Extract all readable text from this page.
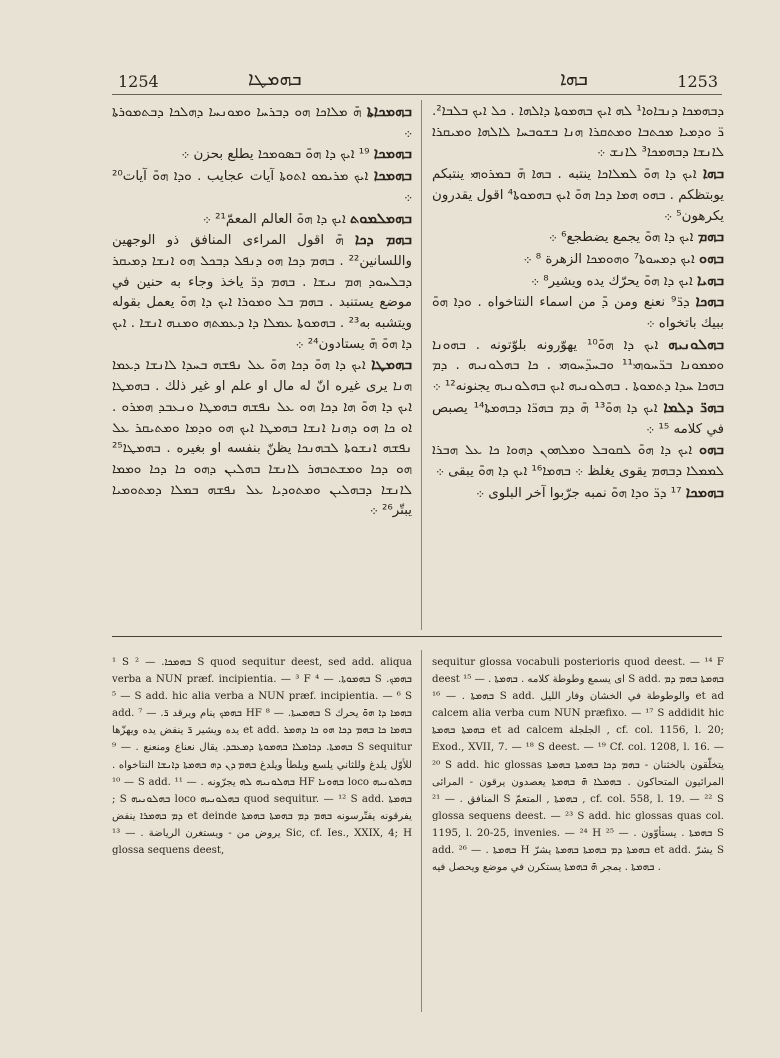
1254	ܒܗܡܛܐ	ܒܗܐ	1253

ܒܗܡܟܐܬܐ ܗ̄ ܡܠܐܟܐ ܗܘ ܕܒܪܚܐ ܘܡܘܢܚܐ ܕܗܠܟܐ ܕܒܬܡܘܪܬܐ ܀

ܒܗܡܟܐ ¹⁹ ܐܝܟ ܕܐ ܗܘ̄ ܒܣܘܡܟܐ يطلع بحزن ܀

ܒܗܡܟܐ ܐܝܟ ܡܪܝܡܘ ܐܬܘܬܐ آيات عجايب . ܘܕܐ ܗܘ̄ آيات²⁰ ܀

ܒܗܡܠܡܘܬ ܐܝܟ ܕܐ ܗܘ̄ العالم المعمّ²¹ ܀

ܒܗܡ ܕܟܐ ܗ̄ اقول المراءى المنافق ذو الوجهين واللسانين²² . ܒܗܡ ܕܟܐ ܗܘ ܕܢܦܠ ܕܒܟܠ ܗܘ ܐܢܫܐ ܕܡܝܩܪ ܕܒܠܚܘܕ ܗܡ ܢܝܫܐ . ܒܗܡ ܕܪ̈ ياخذ وجاء به حنين في موضع يستنبد . ܒܗܡ ܒܠ ܘܡܘܪܐ ܐܝܟ ܕܐ ܗܘ̄ يعمل بقوله ويتشبه به²³ . ܒܗܡܘܬܐ ܥܡܠܐ ܕܐ ܕܥܡܬܗ ܘܡܢܗ ܐܢܫܐ . ܐܝܟ ܕܐ ܗܘ̄ ܗ̄ يستادون²⁴ ܀

ܒܗܡܛܐ ܐܝܟ ܕܐ ܗܘ̄ ܕܟܐ ܗܘ̄ ܥܠ ܢܦܫܗ ܒܚܕܐ ܠܐܢܫܐ ܕܥܡܐ ܗܢܐ يرى غيره انّ له مال او علم او غير ذلك . ܒܗܡܛܐ ܐܝܟ ܕܐ ܗܘ̄ ܗܐ ܕܟܐ ܗܘ ܥܠ ܢܦܫܗ ܒܗܡܛܐ ܘܢܥܒܕ ܗܡܪܘ . ܐܘ ܟܐ ܗܘ ܕܗܢܐ ܐܢܫܐ ܒܗܡܛܐ ܐܝܟ ܗܘ ܘܕܡܐ ܘܡܬܝܩܪ ܥܠ ܢܦܫܗ ܐܢܫܘܬܐ ܠܒܗܢܟܐ يظنّ بنفسه او بغيره . ܒܗܡܛܐ²⁵ ܗܘ ܕܟܐ ܘܡܫܬܒܗܪ ܠܐܢܫܐ ܒܗܠܝܢ ܕܗܘ ܟܐ ܕܟܐ ܘܡܡܐ ܠܐܢܫܐ ܕܒܗܠܝܢ ܘܡܬܘܕܝܐ ܥܠ ܢܦܫܗ ܒܡܠܐ ܕܡܬܘܡܝܐ يبتّر²⁶ ܀

ܕܒܗܡܟܐ ܕܢܒܐܘܐ¹ ܠܗ ܐܝܟ ܒܗܡܘܬܐ ܕܐܠܗܐ . ܟܠ ܐܝܟ ܒܠܒܐ². ܪ̈ ܘܕܡܝܐ ܡܟܬܒܐ ܘܡܬܩܪܐ ܗܢܐ ܒܫܘܒܚܐ ܠܐܠܗܐ ܘܡܝܩܪܐ ܠܐܢܫܐ ܕܒܗܡܟܐ³ ܠܐܢܫ ܀

ܒܗܐ ܐܝܟ ܕܐ ܗܘ̄ ܠܡܠܐܟܐ ينتبه . ܒܗܐ ܗ̄ ܒܡܪܘܗܝ ينتبكم يوبتظكم . ܒܗܘ ܗܡܐ ܕܟܐ ܗܘ̄ ܐܝܟ ܒܗܡܘܬܐ⁴ اقول يقدرون يكرهون⁵ ܀

ܒܗܡ ܐܝܟ ܕܐ ܗܘ̄ يجمع يضطجع⁶ ܀

ܒܗܘ ܐܝܟ ܕܡܚܘܬܐ⁷ ܘܗܘܡܟܐ الزهرة ⁸ ܀

ܒܗܝܐ ܐܝܟ ܕܐ ܗܘ̄ يحرّك يده ويشير⁸ ܀

ܒܗܟܐ ܕܪ̈⁹ نعنع ومن ܕ̄ من اسماء النتاخواه . ܘܕܐ ܗܘ̄ ببيك باتخواه ܀

ܒܗܠܘܢܝܗ ܐܝܟ ܕܐ ܗܘ̄¹⁰ يهوّرونه بلوّتونه . ܒܗܘܢܐ ܘܡܡܘܢܐ ܒܪ̈ܚܘܗܝ¹¹ ܘܒܚܕ̈ܚܘܗܝ . ܟܐ ܒܗܠܘܢܝܗ . ܕܡ ܒܗܟܐ ܚܕܐ ܕܬܡܘܬܐ . ܒܗܠܘܢܝܗ ܐܝܟ ܒܗܠܘܢܝܗ يجنونه¹² ܀

ܒܗܪ̈ ܕܠܡܐ ܐܝܟ ܕܐ ܗܘ̄¹³ ܗ̄ ܕܡ ܒܗܪ̈ܐ ܕܒܗܡܬܐ¹⁴ يصبص في كلامه ¹⁵ ܀

ܒܗܘ ܐܝܟ ܕܐ ܗܘ̄ ܠܩܘܒܠ ܘܡܠܗܘܢ ܕܗܘܐ ܟܐ ܥܠ ܗܒܪܐ ܠܡܡܠܐ ܕܒܗܡ يقوى يغلظ ܀ ܒܗܡܐ¹⁶ ܐܝܟ ܕܐ ܗܘ̄ يبقى ܀

ܒܗܡܟܐ ¹⁷ ܕܪ̈ ܘܕܐ ܗܘ̄ نمبه جرّبوا آخر البلوى ܀

¹ S ܒܗܡܟܐ. — ² S quod sequitur deest, sed add. aliqua verba a NUN præf. incipientia. — ³ F ܒܗܡܘܬܐ. — ⁴ S ܒܗܡܟ. — ⁵ S add. hic alia verba a NUN præf. incipientia. — ⁶ S add. ܒܗܡܟ ينام ويرقد ܪ̈. — ⁷ HF ܒܗܡܚܬܐ. — ⁸ S ܒܗܡܐ ܕܐ ܗܘ̄ يحرك يده ويشير ܪ̈ ينفض يده ويهزّها et add. ܒܗܡܐ ܟܐ ܒܗܡ ܕܟܐ ܗܘ ܟܐ ܕܗܡܪ ܒܗܡܬܐ. ܕܟܐܡܠܐ ܒܗܡܘܬܐ ܕܡܥܒܕ. يقال نعناع ومنعنع . — ⁹ S sequitur للأوّل يلدغ وللثاني يلسع ويلطأ ويلدغ ܒܗܡ ܕܢ ܕܗ ܒܗܡܬܐ ܕܐܢܫܐ النتاخواه . — ¹⁰ S add. ܒܗܠܘܢܝܗ ܠܗ يجرّونه . — ¹¹ HF ܒܗܘܢܐ loco ܒܗܠܘܢܝܗ ; S ܒܗܠܘܢܝܗ loco ܒܗܠܘܢܝܗ quod sequitur. — ¹² S add. ܒܗܡܬܐ ܕܡ ܒܗܡܪܐ ينفض et deinde يفرقونه يفتّرسونه ܒܗܡ ܕܡ ܒܗܡܬܐ ܒܗܡܬܐ يروض من - ويستغرن الرياضة . — ¹³ Sic, cf. Ies., XXIX, 4; H glossa sequens deest,

sequitur glossa vocabuli posterioris quod deest. — ¹⁴ F deest اى يسمع وطوطة كلامه . ܒܗܡܬܐ . — ¹⁵ S add. ܒܗܡܬܐ ܒܗܡ ܕܡ ܒܗܡܬܐ . — ¹⁶ S add. والوطوطة في الخشان وفار الليل et ad calcem alia verba cum NUN præfixo. — ¹⁷ S addidit hic ܒܗܡܬܐ ܒܗܡܬܐ et ad calcem الجلجلة , cf. col. 1156, l. 20; Exod., XVII, 7. — ¹⁸ S deest. — ¹⁹ Cf. col. 1208, l. 16. — ²⁰ S add. hic glossas يتخلّقون بالخثنان - ܒܗܡ ܕܟܐ ܒܗܡܬܐ ܒܗܡܬܐ المرائيون المتحاكون . ܒܗܡܠܐ ܗ̄ ܒܗܡܬܐ يعصدون يرقون - المرائى المنافق . — ²¹ S ܒܗܡܬܐ , المتعمّ , cf. col. 558, l. 19. — ²² S glossa sequens deest. — ²³ S add. hic glossas quas col. 1195, l. 20-25, invenies. — ²⁴ H ܒܗܡܬܐ . يستأوّون . — ²⁵ S add. ܒܗܡܬܐ . — ²⁶ H ܒܗܡܬܐ ܕܡ ܒܗܡܬܐ ܒܗܡܬܐ يشرّ et add. يشرّ S ܒܗܡܬܐ . يمجر ܗ̄ ܒܗܡܬܐ يستكرن في موضع ويحصل فيه .
